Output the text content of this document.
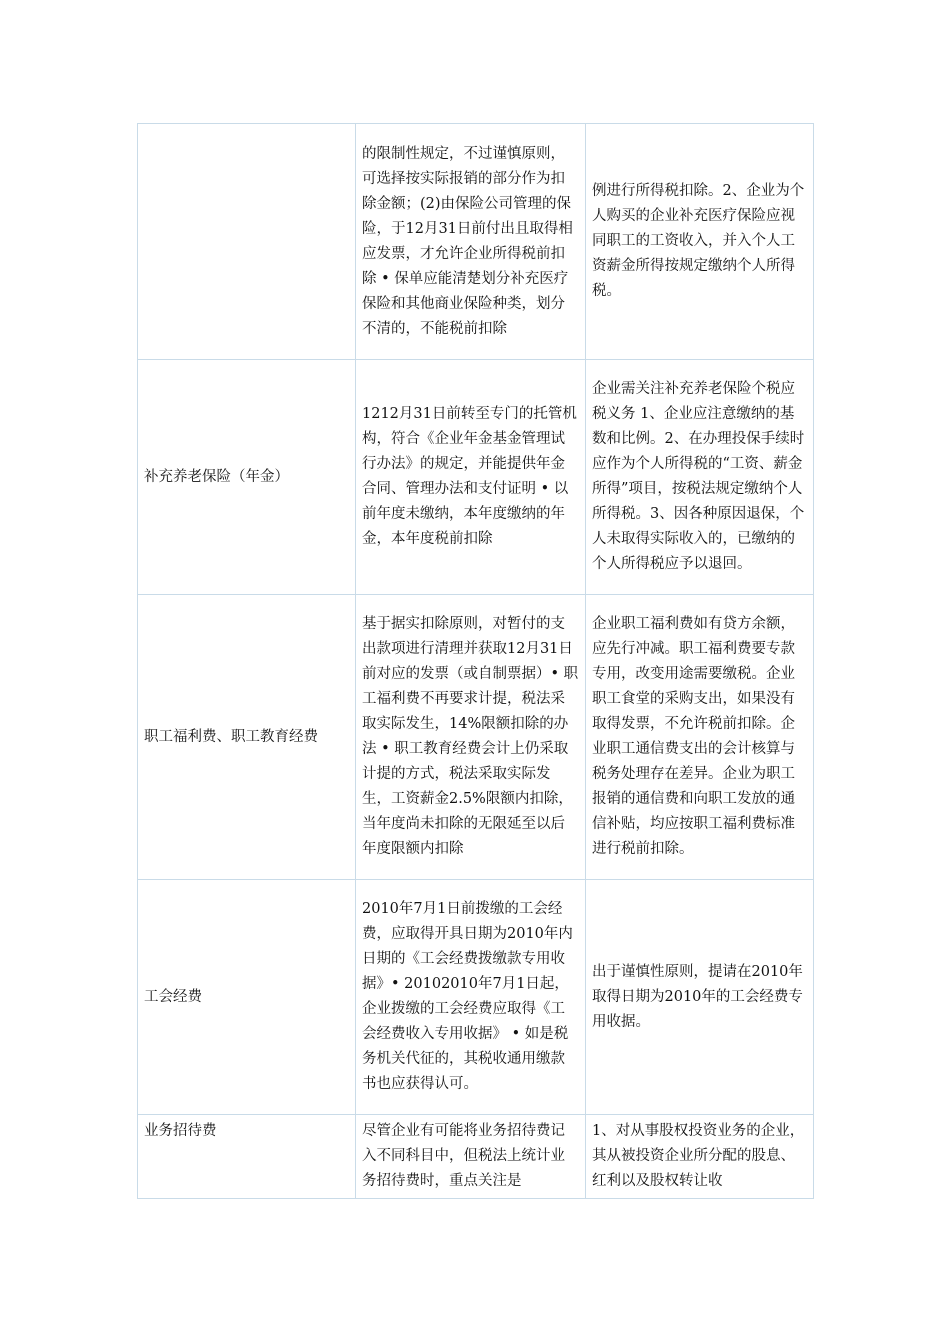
	的限制性规定，不过谨慎原则，可选择按实际报销的部分作为扣除金额；(2)由保险公司管理的保险，于12月31日前付出且取得相应发票，才允许企业所得税前扣除 • 保单应能清楚划分补充医疗保险和其他商业保险种类，划分不清的，不能税前扣除	例进行所得税扣除。2、企业为个人购买的企业补充医疗保险应视同职工的工资收入，并入个人工资薪金所得按规定缴纳个人所得税。
补充养老保险（年金）	1212月31日前转至专门的托管机构，符合《企业年金基金管理试行办法》的规定，并能提供年金合同、管理办法和支付证明 • 以前年度未缴纳，本年度缴纳的年金，本年度税前扣除	企业需关注补充养老保险个税应税义务 1、企业应注意缴纳的基数和比例。2、在办理投保手续时应作为个人所得税的“工资、薪金所得”项目，按税法规定缴纳个人所得税。3、因各种原因退保，个人未取得实际收入的，已缴纳的个人所得税应予以退回。
职工福利费、职工教育经费	基于据实扣除原则，对暂付的支出款项进行清理并获取12月31日前对应的发票（或自制票据）• 职工福利费不再要求计提，税法采取实际发生，14%限额扣除的办法 • 职工教育经费会计上仍采取计提的方式，税法采取实际发生，工资薪金2.5%限额内扣除，当年度尚未扣除的无限延至以后年度限额内扣除	企业职工福利费如有贷方余额，应先行冲减。职工福利费要专款专用，改变用途需要缴税。企业职工食堂的采购支出，如果没有取得发票，不允许税前扣除。企业职工通信费支出的会计核算与税务处理存在差异。企业为职工报销的通信费和向职工发放的通信补贴，均应按职工福利费标准进行税前扣除。
工会经费	2010年7月1日前拨缴的工会经费，应取得开具日期为2010年内日期的《工会经费拨缴款专用收据》• 20102010年7月1日起，企业拨缴的工会经费应取得《工会经费收入专用收据》 • 如是税务机关代征的，其税收通用缴款书也应获得认可。	出于谨慎性原则，提请在2010年取得日期为2010年的工会经费专用收据。

业务招待费	尽管企业有可能将业务招待费记入不同科目中，但税法上统计业务招待费时，重点关注是	1、对从事股权投资业务的企业，其从被投资企业所分配的股息、红利以及股权转让收
